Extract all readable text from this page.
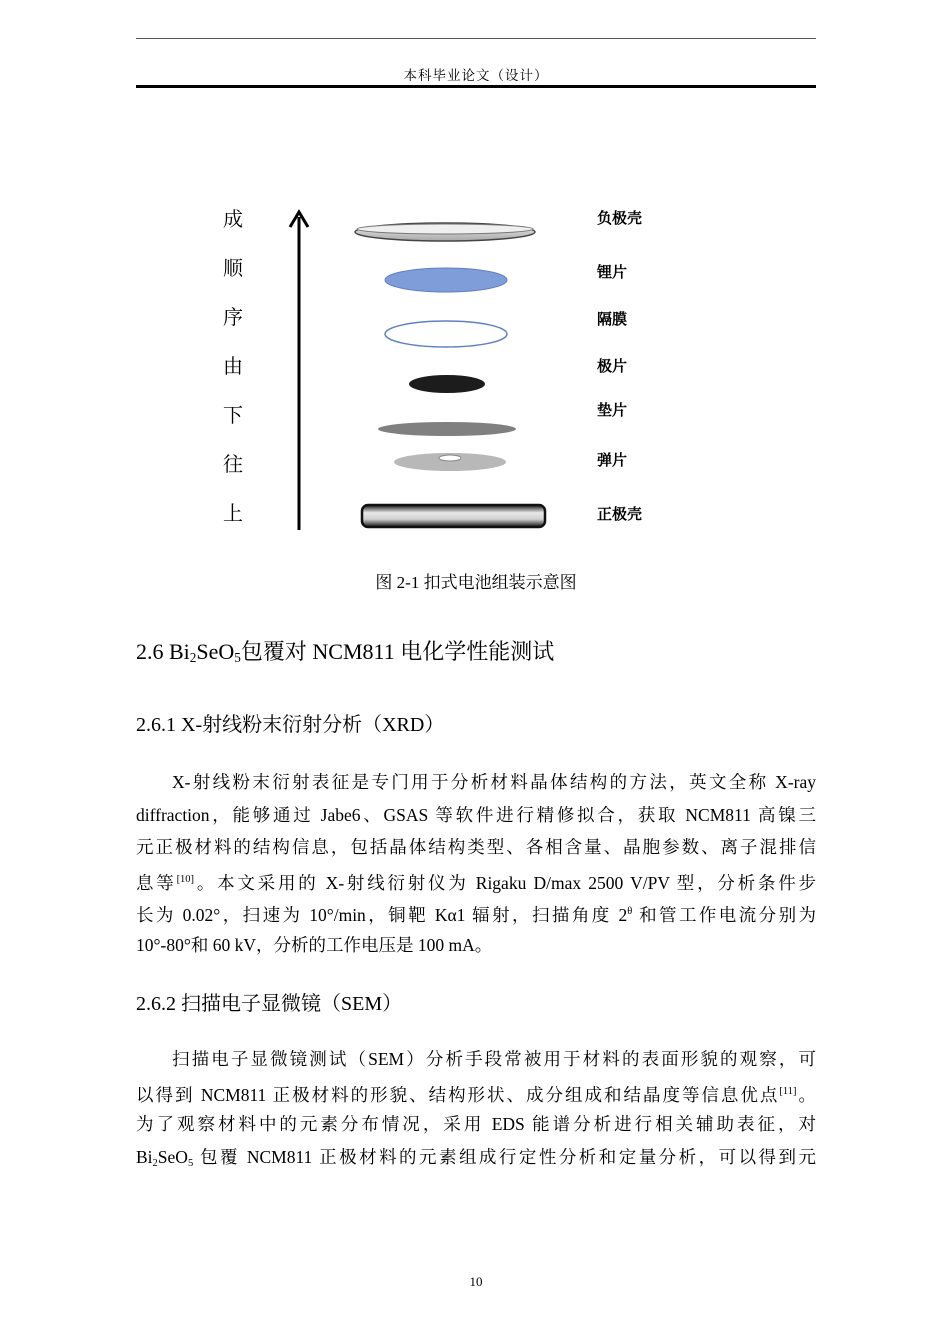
本科毕业论文（设计）
成
顺
序
由
下
往
上
负极壳
锂片
隔膜
极片
垫片
弹片
正极壳
图 2-1 扣式电池组装示意图
2.6 $Bi_2SeO_5$包覆对 NCM811 电化学性能测试
2.6.1 X-射线粉末衍射分析（XRD）
X-射线粉末衍射表征是专门用于分析材料晶体结构的方法，英文全称 X-ray
diffraction，能够通过 Jabe6、GSAS 等软件进行精修拟合，获取 NCM811 高镍三
元正极材料的结构信息，包括晶体结构类型、各相含量、晶胞参数、离子混排信
息等[10]。本文采用的 X-射线衍射仪为 Rigaku D/max 2500 V/PV 型，分析条件步
长为 0.02°，扫速为 10°/min，铜靶 Kα1 辐射，扫描角度 $2^\theta$ 和管工作电流分别为
10°-80°和 60 kV，分析的工作电压是 100 mA。
2.6.2 扫描电子显微镜（SEM）
扫描电子显微镜测试（SEM）分析手段常被用于材料的表面形貌的观察，可
以得到 NCM811 正极材料的形貌、结构形状、成分组成和结晶度等信息优点[11]。
为了观察材料中的元素分布情况，采用 EDS 能谱分析进行相关辅助表征，对
$Bi_2SeO_5$ 包覆 NCM811 正极材料的元素组成行定性分析和定量分析，可以得到元
10
